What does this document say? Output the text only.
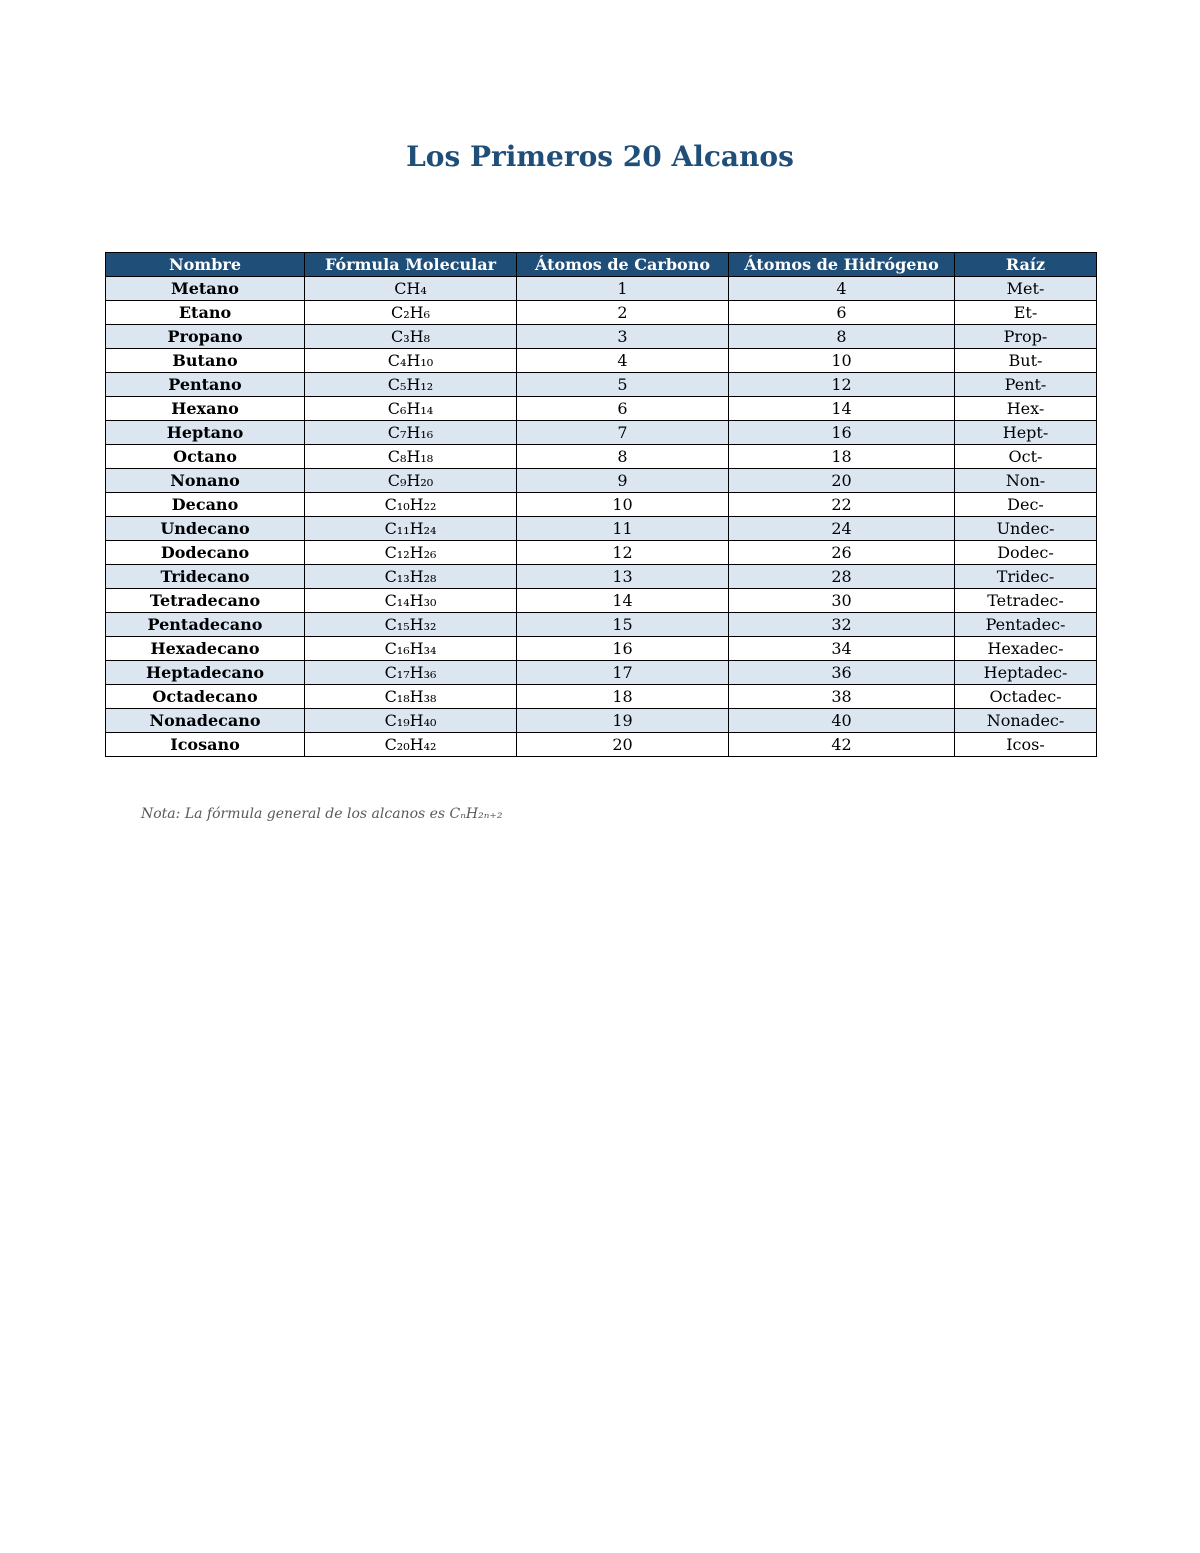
Los Primeros 20 Alcanos
Nombre	Fórmula Molecular	Átomos de Carbono	Átomos de Hidrógeno	Raíz
Metano	CH₄	1	4	Met-
Etano	C₂H₆	2	6	Et-
Propano	C₃H₈	3	8	Prop-
Butano	C₄H₁₀	4	10	But-
Pentano	C₅H₁₂	5	12	Pent-
Hexano	C₆H₁₄	6	14	Hex-
Heptano	C₇H₁₆	7	16	Hept-
Octano	C₈H₁₈	8	18	Oct-
Nonano	C₉H₂₀	9	20	Non-
Decano	C₁₀H₂₂	10	22	Dec-
Undecano	C₁₁H₂₄	11	24	Undec-
Dodecano	C₁₂H₂₆	12	26	Dodec-
Tridecano	C₁₃H₂₈	13	28	Tridec-
Tetradecano	C₁₄H₃₀	14	30	Tetradec-
Pentadecano	C₁₅H₃₂	15	32	Pentadec-
Hexadecano	C₁₆H₃₄	16	34	Hexadec-
Heptadecano	C₁₇H₃₆	17	36	Heptadec-
Octadecano	C₁₈H₃₈	18	38	Octadec-
Nonadecano	C₁₉H₄₀	19	40	Nonadec-
Icosano	C₂₀H₄₂	20	42	Icos-
Nota: La fórmula general de los alcanos es CₙH₂ₙ₊₂
